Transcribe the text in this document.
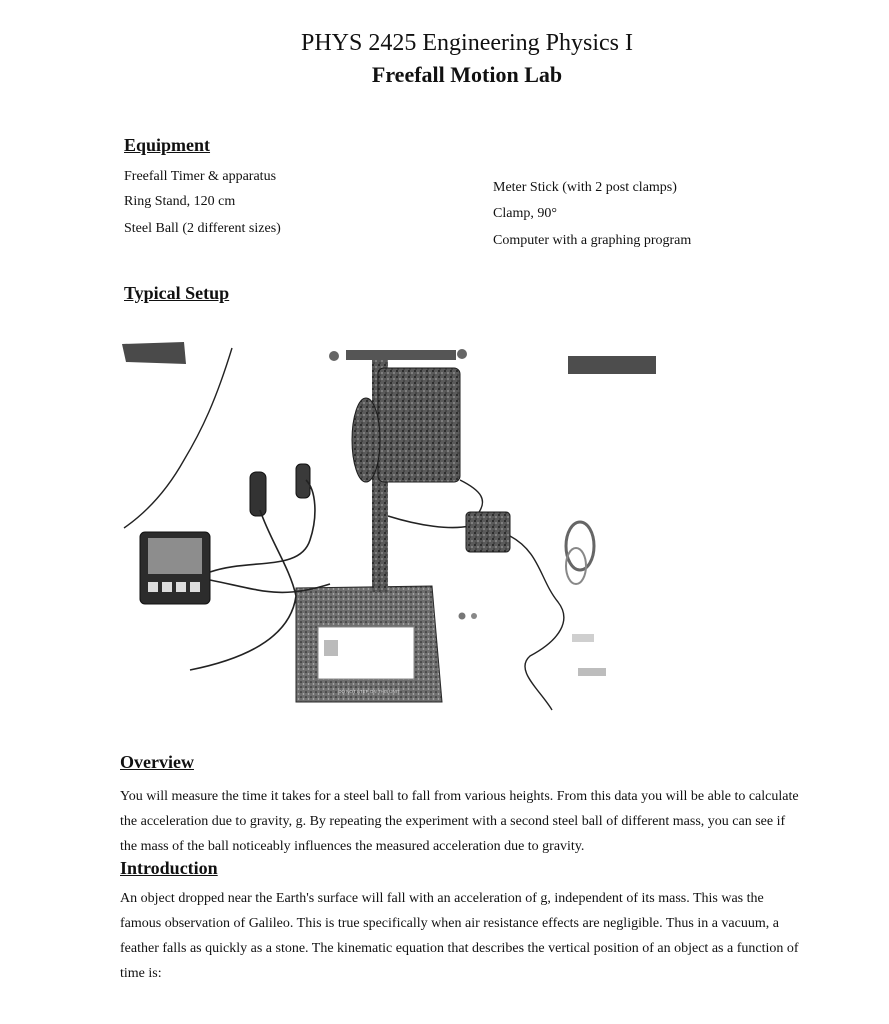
PHYS 2425 Engineering Physics I
Freefall Motion Lab
Equipment
Freefall Timer & apparatus
Ring Stand, 120 cm
Steel Ball (2 different sizes)
Meter Stick (with 2 post clamps)
Clamp, 90°
Computer with a graphing program
Typical Setup
DO NOT STEP ON THIS UNIT
Overview
You will measure the time it takes for a steel ball to fall from various heights. From this data you will be able to calculate the acceleration due to gravity, g. By repeating the experiment with a second steel ball of different mass, you can see if the mass of the ball noticeably influences the measured acceleration due to gravity.
Introduction
An object dropped near the Earth's surface will fall with an acceleration of g, independent of its mass. This was the famous observation of Galileo. This is true specifically when air resistance effects are negligible. Thus in a vacuum, a feather falls as quickly as a stone. The kinematic equation that describes the vertical position of an object as a function of time is:
